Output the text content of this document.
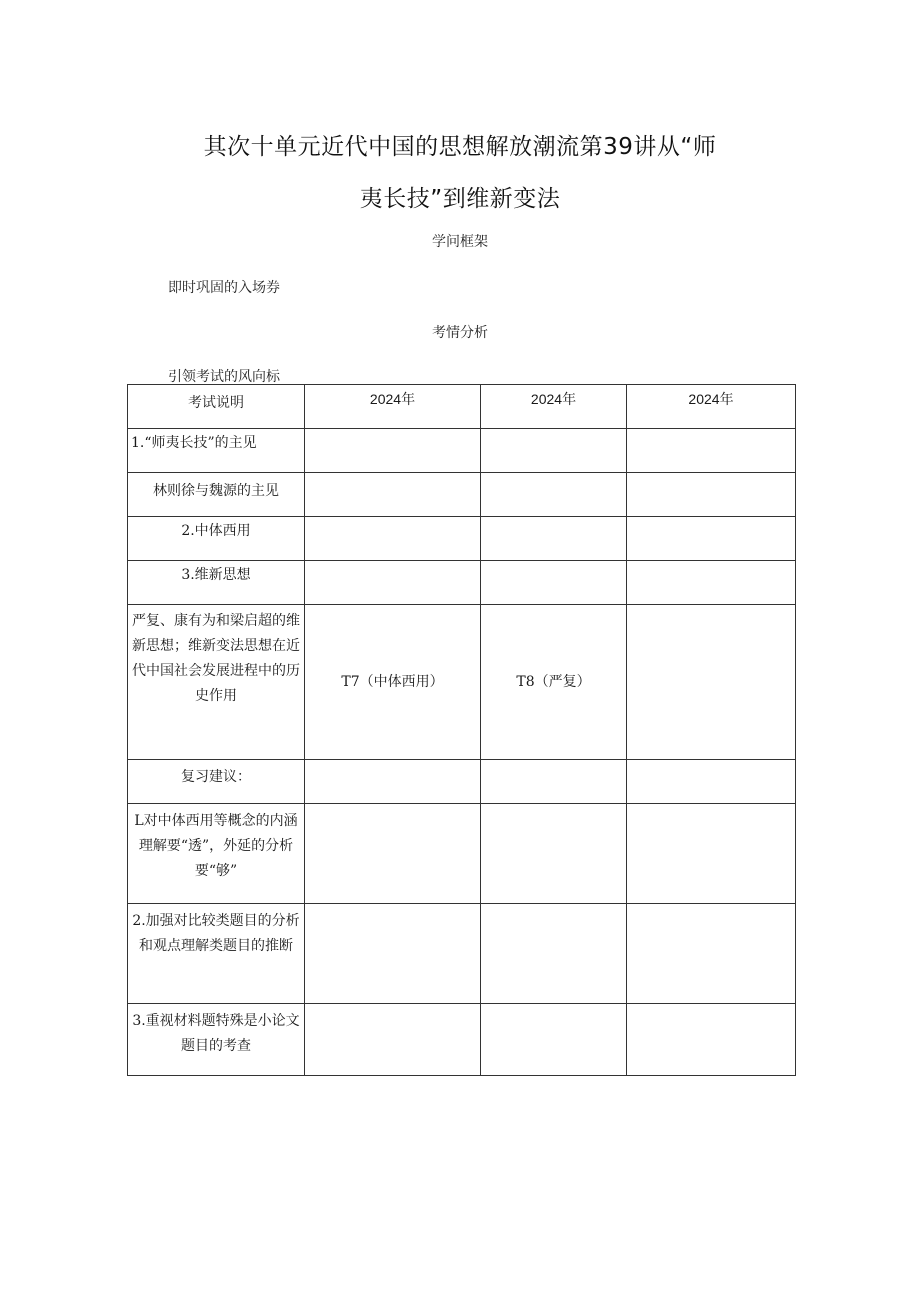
其次十单元近代中国的思想解放潮流第39讲从“师
夷长技”到维新变法
学问框架
即时巩固的入场券
考情分析
引领考试的风向标
考试说明	2024年	2024年	2024年
1.“师夷长技”的主见			
林则徐与魏源的主见			
2.中体西用			
3.维新思想			
严复、康有为和梁启超的维新思想；维新变法思想在近代中国社会发展进程中的历史作用	T7（中体西用）	T8（严复）	
复习建议：			
L对中体西用等概念的内涵理解要“透”，外延的分析要“够”			
2.加强对比较类题目的分析和观点理解类题目的推断			
3.重视材料题特殊是小论文题目的考查			
